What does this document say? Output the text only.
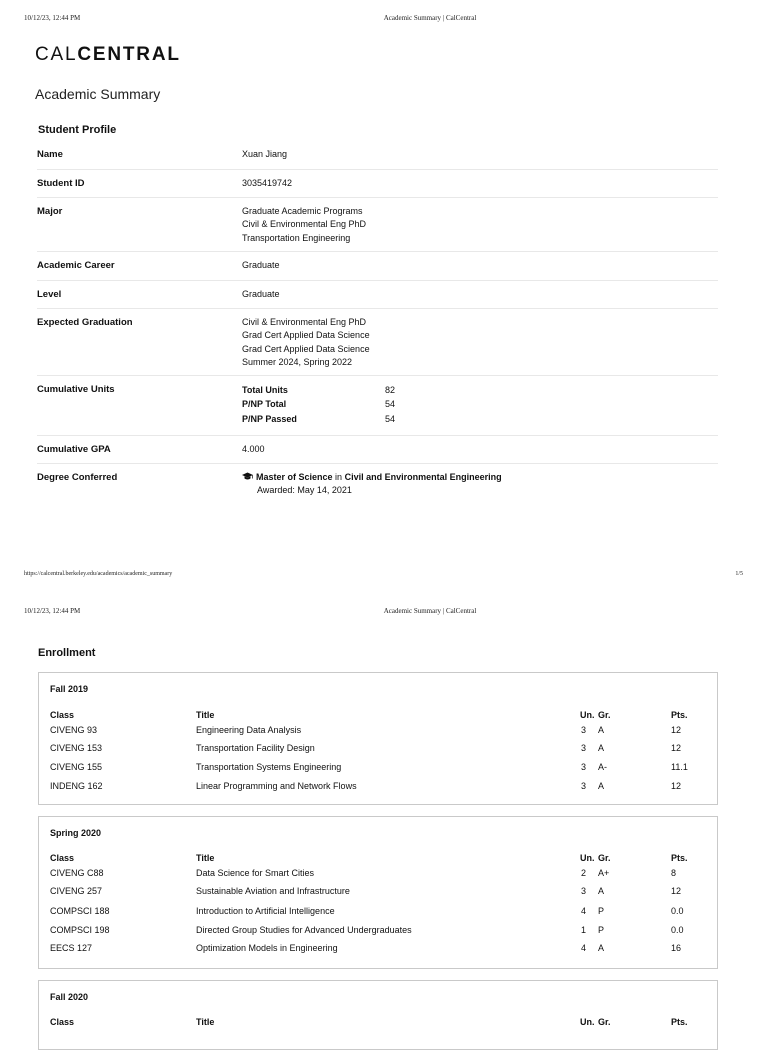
10/12/23, 12:44 PM	Academic Summary | CalCentral
CALCENTRAL
Academic Summary
Student Profile
Name	Xuan Jiang
Student ID	3035419742
Major	Graduate Academic Programs
Civil & Environmental Eng PhD
Transportation Engineering
Academic Career	Graduate
Level	Graduate
Expected Graduation	Civil & Environmental Eng PhD
Grad Cert Applied Data Science
Grad Cert Applied Data Science
Summer 2024, Spring 2022
Cumulative Units	Total Units	82
P/NP Total	54
P/NP Passed	54
Cumulative GPA	4.000
Degree Conferred	Master of Science in Civil and Environmental Engineering
Awarded: May 14, 2021
https://calcentral.berkeley.edu/academics/academic_summary	1/5
10/12/23, 12:44 PM	Academic Summary | CalCentral
Enrollment
Fall 2019
Class	Title	Un. Gr.	Pts.
CIVENG 93	Engineering Data Analysis	3 A	12
CIVENG 153	Transportation Facility Design	3 A	12
CIVENG 155	Transportation Systems Engineering	3 A-	11.1
INDENG 162	Linear Programming and Network Flows	3 A	12
Spring 2020
Class	Title	Un. Gr.	Pts.
CIVENG C88	Data Science for Smart Cities	2 A+	8
CIVENG 257	Sustainable Aviation and Infrastructure	3 A	12
COMPSCI 188	Introduction to Artificial Intelligence	4 P	0.0
COMPSCI 198	Directed Group Studies for Advanced Undergraduates	1 P	0.0
EECS 127	Optimization Models in Engineering	4 A	16
Fall 2020
Class	Title	Un. Gr.	Pts.
